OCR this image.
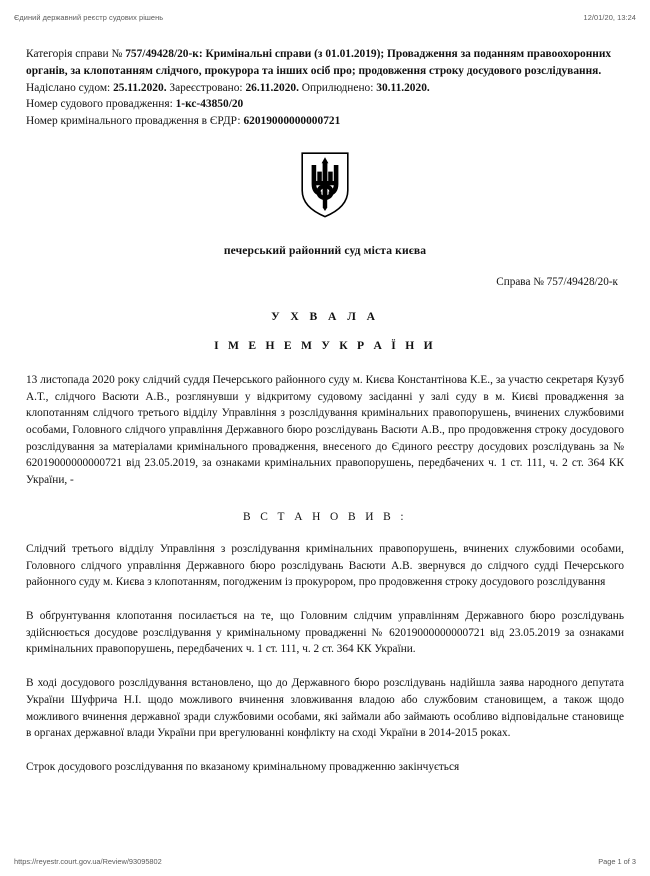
Єдиний державний реєстр судових рішень	12/01/20, 13:24

Категорія справи № 757/49428/20-к: Кримінальні справи (з 01.01.2019); Провадження за поданням правоохоронних органів, за клопотанням слідчого, прокурора та інших осіб про; продовження строку досудового розслідування.

Надіслано судом: 25.11.2020. Зареєстровано: 26.11.2020. Оприлюднено: 30.11.2020.

Номер судового провадження: 1-кс-43850/20

Номер кримінального провадження в ЄРДР: 62019000000000721

печерський районний суд міста києва
Справа № 757/49428/20-к
У Х В А Л А
І М Е Н Е М У К Р А Ї Н И

13 листопада 2020 року слідчий суддя Печерського районного суду м. Києва Константінова К.Е., за участю секретаря Кузуб А.Т., слідчого Васюти А.В., розглянувши у відкритому судовому засіданні у залі суду в м. Києві провадження за клопотанням слідчого третього відділу Управління з розслідування кримінальних правопорушень, вчинених службовими особами, Головного слідчого управління Державного бюро розслідувань Васюти А.В., про продовження строку досудового розслідування за матеріалами кримінального провадження, внесеного до Єдиного реєстру досудових розслідувань за № 62019000000000721 від 23.05.2019, за ознаками кримінальних правопорушень, передбачених ч. 1 ст. 111, ч. 2 ст. 364 КК України, -

В С Т А Н О В И В :

Слідчий третього відділу Управління з розслідування кримінальних правопорушень, вчинених службовими особами, Головного слідчого управління Державного бюро розслідувань Васюти А.В. звернувся до слідчого судді Печерського районного суду м. Києва з клопотанням, погодженим із прокурором, про продовження строку досудового розслідування

В обґрунтування клопотання посилається на те, що Головним слідчим управлінням Державного бюро розслідувань здійснюється досудове розслідування у кримінальному провадженні № 62019000000000721 від 23.05.2019 за ознаками кримінальних правопорушень, передбачених ч. 1 ст. 111, ч. 2 ст. 364 КК України.

В ході досудового розслідування встановлено, що до Державного бюро розслідувань надійшла заява народного депутата України Шуфрича Н.І. щодо можливого вчинення зловживання владою або службовим становищем, а також щодо можливого вчинення державної зради службовими особами, які займали або займають особливо відповідальне становище в органах державної влади України при врегулюванні конфлікту на сході України в 2014-2015 роках.

Строк досудового розслідування по вказаному кримінальному провадженню закінчується

https://reyestr.court.gov.ua/Review/93095802	Page 1 of 3
